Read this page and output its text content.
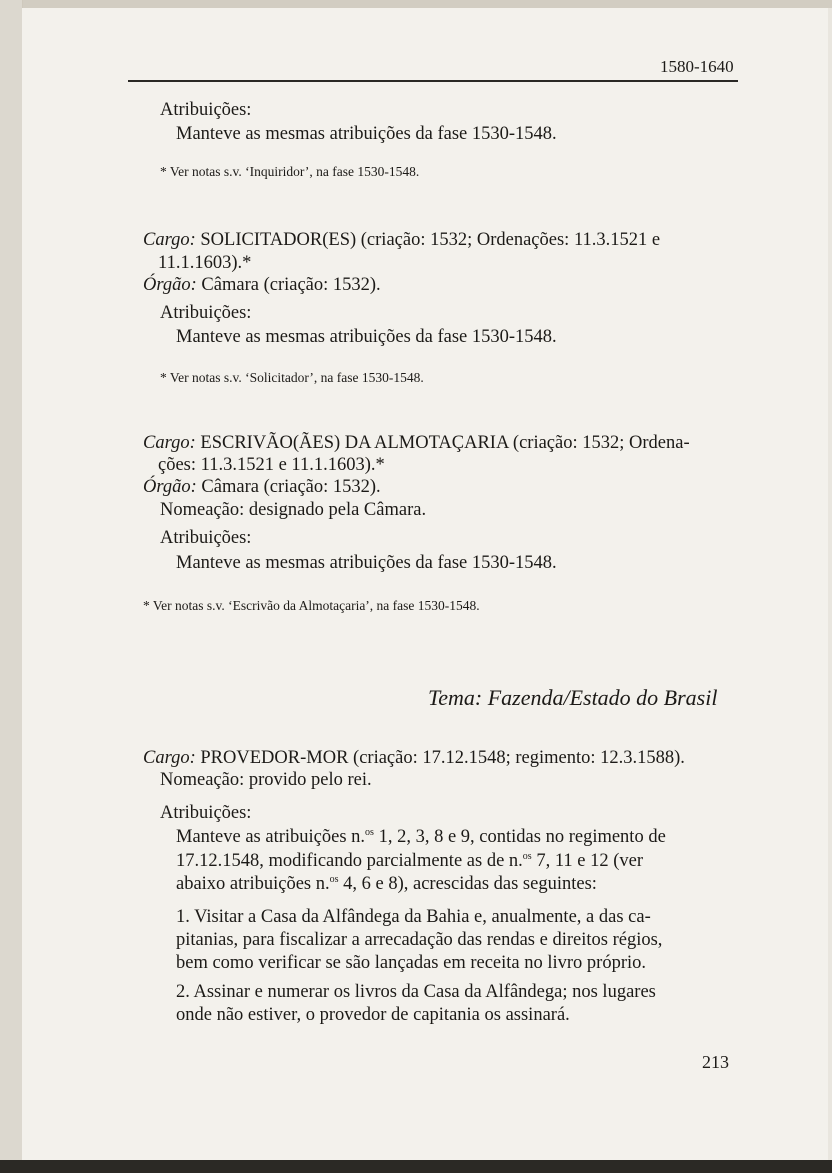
1580-1640
Atribuições:
Manteve as mesmas atribuições da fase 1530-1548.
* Ver notas s.v. ‘Inquiridor’, na fase 1530-1548.
Cargo: SOLICITADOR(ES) (criação: 1532; Ordenações: 11.3.1521 e
11.1.1603).*
Órgão: Câmara (criação: 1532).
Atribuições:
Manteve as mesmas atribuições da fase 1530-1548.
* Ver notas s.v. ‘Solicitador’, na fase 1530-1548.
Cargo: ESCRIVÃO(ÃES) DA ALMOTAÇARIA (criação: 1532; Ordena-
ções: 11.3.1521 e 11.1.1603).*
Órgão: Câmara (criação: 1532).
Nomeação: designado pela Câmara.
Atribuições:
Manteve as mesmas atribuições da fase 1530-1548.
* Ver notas s.v. ‘Escrivão da Almotaçaria’, na fase 1530-1548.
Tema: Fazenda/Estado do Brasil
Cargo: PROVEDOR-MOR (criação: 17.12.1548; regimento: 12.3.1588).
Nomeação: provido pelo rei.
Atribuições:
Manteve as atribuições n.$^{os}$ 1, 2, 3, 8 e 9, contidas no regimento de
17.12.1548, modificando parcialmente as de n.$^{os}$ 7, 11 e 12 (ver
abaixo atribuições n.$^{os}$ 4, 6 e 8), acrescidas das seguintes:
1. Visitar a Casa da Alfândega da Bahia e, anualmente, a das ca-
pitanias, para fiscalizar a arrecadação das rendas e direitos régios,
bem como verificar se são lançadas em receita no livro próprio.
2. Assinar e numerar os livros da Casa da Alfândega; nos lugares
onde não estiver, o provedor de capitania os assinará.
213
